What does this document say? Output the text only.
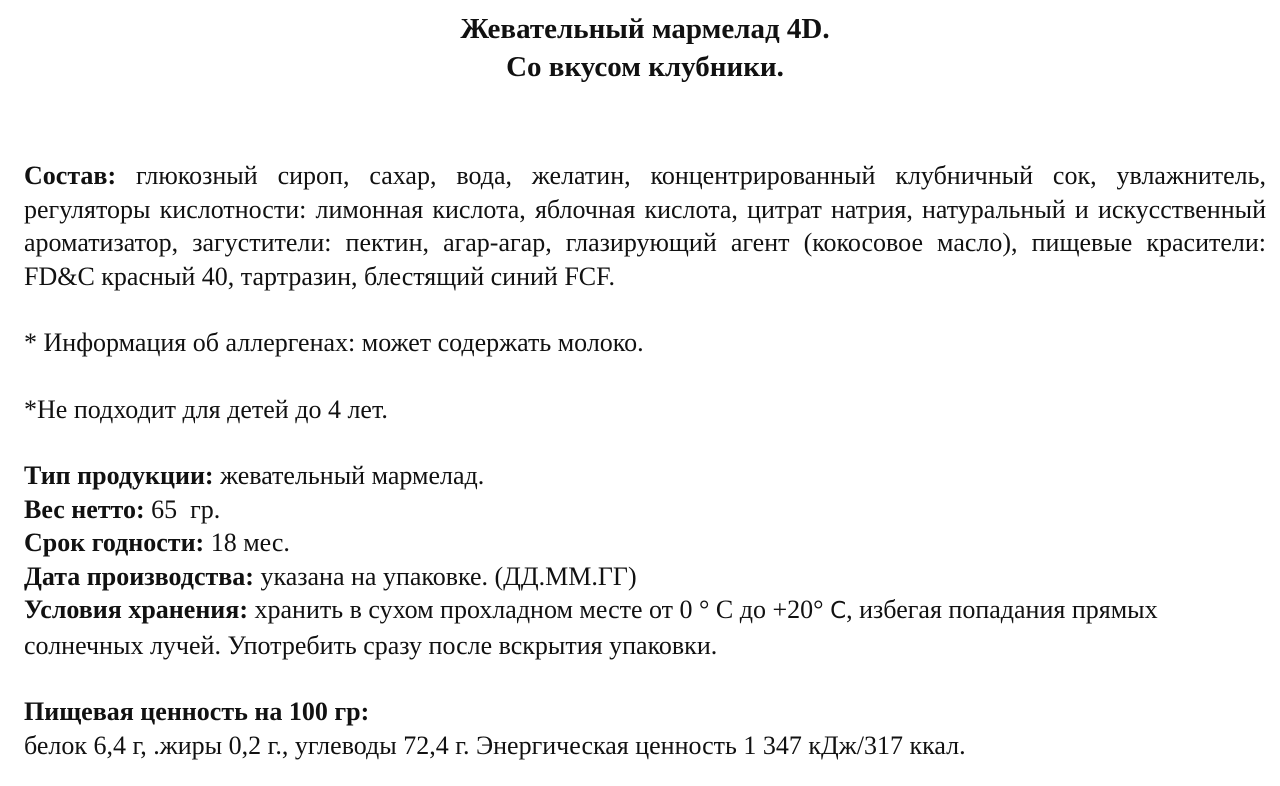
Жевательный мармелад 4D.
Со вкусом клубники.

Состав: глюкозный сироп, сахар, вода, желатин, концентрированный клубничный сок, увлажнитель, регуляторы кислотности: лимонная кислота, яблочная кислота, цитрат натрия, натуральный и искусственный ароматизатор, загустители: пектин, агар-агар, глазирующий агент (кокосовое масло), пищевые красители: FD&C красный 40, тартразин, блестящий синий FCF.

* Информация об аллергенах: может содержать молоко.

*Не подходит для детей до 4 лет.

Тип продукции: жевательный мармелад.

Вес нетто: 65  гр.

Срок годности: 18 мес.

Дата производства: указана на упаковке. (ДД.ММ.ГГ)

Условия хранения: хранить в сухом прохладном месте от 0 ° С до +20° C, избегая попадания прямых солнечных лучей. Употребить сразу после вскрытия упаковки.

Пищевая ценность на 100 гр:

белок 6,4 г, .жиры 0,2 г., углеводы 72,4 г. Энергическая ценность 1 347 кДж/317 ккал.
